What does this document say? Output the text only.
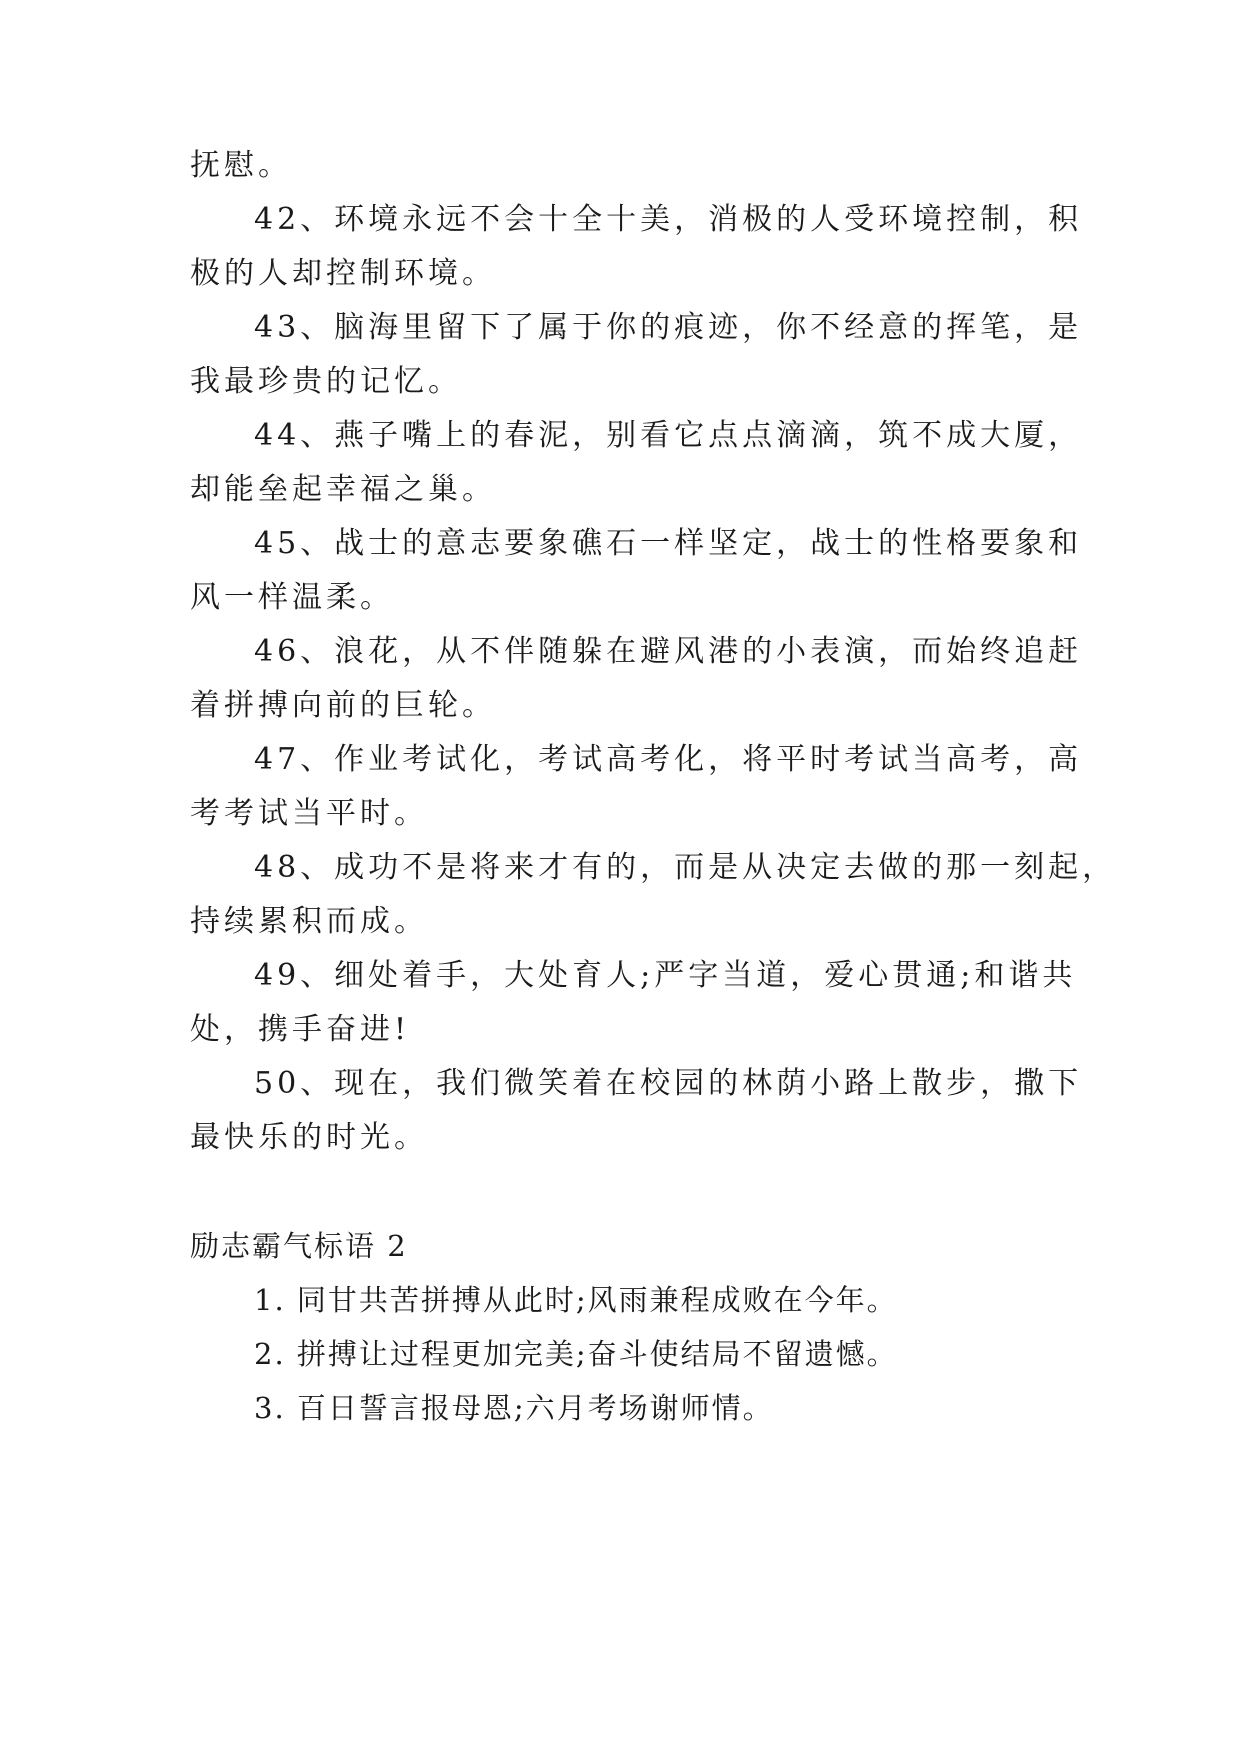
抚慰。
42、环境永远不会十全十美，消极的人受环境控制，积
极的人却控制环境。
43、脑海里留下了属于你的痕迹，你不经意的挥笔，是
我最珍贵的记忆。
44、燕子嘴上的春泥，别看它点点滴滴，筑不成大厦，
却能垒起幸福之巢。
45、战士的意志要象礁石一样坚定，战士的性格要象和
风一样温柔。
46、浪花，从不伴随躲在避风港的小表演，而始终追赶
着拼搏向前的巨轮。
47、作业考试化，考试高考化，将平时考试当高考，高
考考试当平时。
48、成功不是将来才有的，而是从决定去做的那一刻起，
持续累积而成。
49、细处着手，大处育人;严字当道，爱心贯通;和谐共
处，携手奋进!
50、现在，我们微笑着在校园的林荫小路上散步，撒下
最快乐的时光。
励志霸气标语 2
1. 同甘共苦拼搏从此时;风雨兼程成败在今年。
2. 拼搏让过程更加完美;奋斗使结局不留遗憾。
3. 百日誓言报母恩;六月考场谢师情。
